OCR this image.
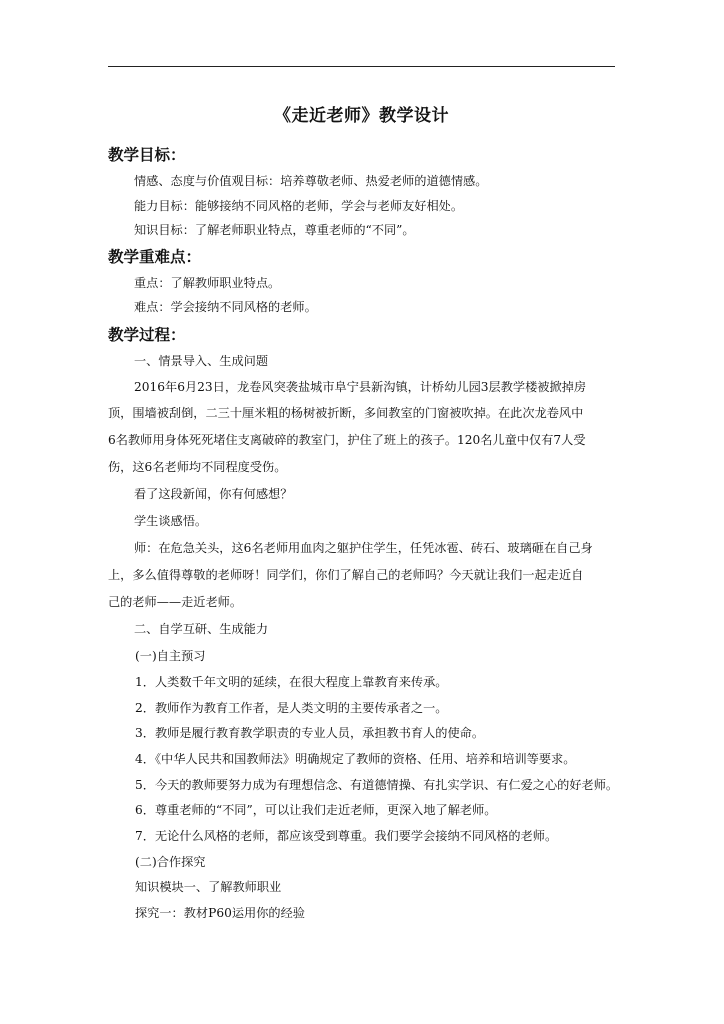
《走近老师》教学设计
教学目标：
情感、态度与价值观目标：培养尊敬老师、热爱老师的道德情感。
能力目标：能够接纳不同风格的老师，学会与老师友好相处。
知识目标：了解老师职业特点，尊重老师的“不同”。
教学重难点：
重点：了解教师职业特点。
难点：学会接纳不同风格的老师。
教学过程：
一、情景导入、生成问题
2016年6月23日，龙卷风突袭盐城市阜宁县新沟镇，计桥幼儿园3层教学楼被掀掉房
顶，围墙被刮倒，二三十厘米粗的杨树被折断，多间教室的门窗被吹掉。在此次龙卷风中
6名教师用身体死死堵住支离破碎的教室门，护住了班上的孩子。120名儿童中仅有7人受
伤，这6名老师均不同程度受伤。
看了这段新闻，你有何感想？
学生谈感悟。
师：在危急关头，这6名老师用血肉之躯护住学生，任凭冰雹、砖石、玻璃砸在自己身
上，多么值得尊敬的老师呀！同学们，你们了解自己的老师吗？今天就让我们一起走近自
己的老师——走近老师。
二、自学互研、生成能力
(一)自主预习
1．人类数千年文明的延续，在很大程度上靠教育来传承。
2．教师作为教育工作者，是人类文明的主要传承者之一。
3．教师是履行教育教学职责的专业人员，承担教书育人的使命。
4．《中华人民共和国教师法》明确规定了教师的资格、任用、培养和培训等要求。
5．今天的教师要努力成为有理想信念、有道德情操、有扎实学识、有仁爱之心的好老师。
6．尊重老师的“不同”，可以让我们走近老师，更深入地了解老师。
7．无论什么风格的老师，都应该受到尊重。我们要学会接纳不同风格的老师。
(二)合作探究
知识模块一、了解教师职业
探究一：教材P60运用你的经验
